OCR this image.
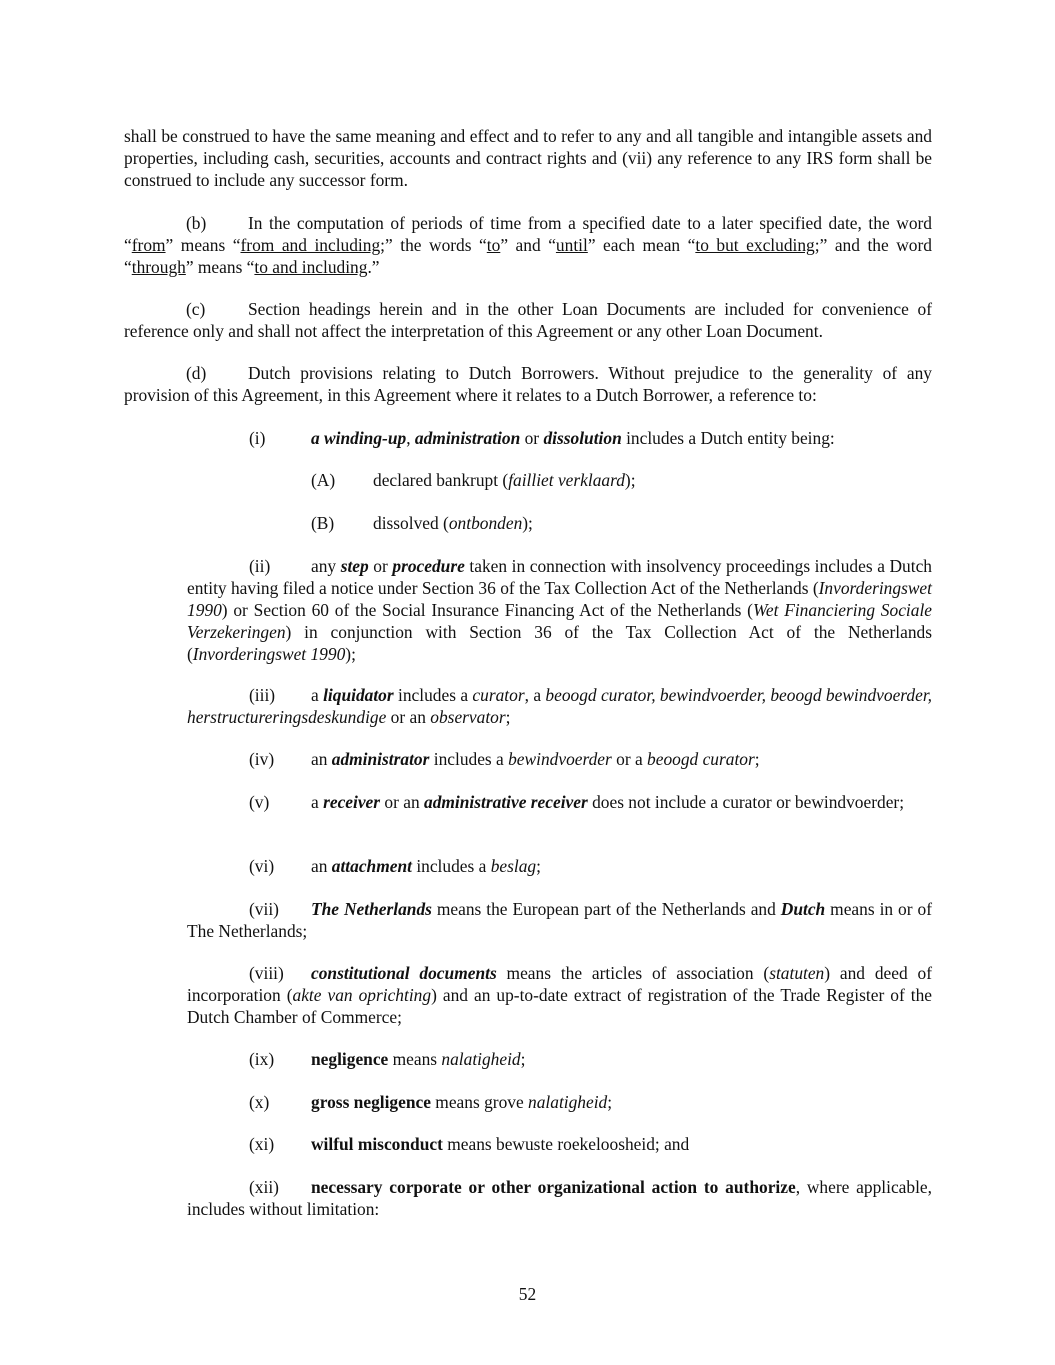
shall be construed to have the same meaning and effect and to refer to any and all tangible and intangible assets and properties, including cash, securities, accounts and contract rights and (vii) any reference to any IRS form shall be construed to include any successor form.

(b) In the computation of periods of time from a specified date to a later specified date, the word “from” means “from and including;” the words “to” and “until” each mean “to but excluding;” and the word “through” means “to and including.”

(c) Section headings herein and in the other Loan Documents are included for convenience of reference only and shall not affect the interpretation of this Agreement or any other Loan Document.

(d) Dutch provisions relating to Dutch Borrowers. Without prejudice to the generality of any provision of this Agreement, in this Agreement where it relates to a Dutch Borrower, a reference to:

(i)	a winding-up, administration or dissolution includes a Dutch entity being:

(A) declared bankrupt (failliet verklaard);

(B) dissolved (ontbonden);

(ii) any step or procedure taken in connection with insolvency proceedings includes a Dutch entity having filed a notice under Section 36 of the Tax Collection Act of the Netherlands (Invorderingswet 1990) or Section 60 of the Social Insurance Financing Act of the Netherlands (Wet Financiering Sociale Verzekeringen) in conjunction with Section 36 of the Tax Collection Act of the Netherlands (Invorderingswet 1990);

(iii) a liquidator includes a curator, a beoogd curator, bewindvoerder, beoogd bewindvoerder, herstructureringsdeskundige or an observator;

(iv) an administrator includes a bewindvoerder or a beoogd curator;

(v) a receiver or an administrative receiver does not include a curator or bewindvoerder;

(vi) an attachment includes a beslag;

(vii) The Netherlands means the European part of the Netherlands and Dutch means in or of The Netherlands;

(viii) constitutional documents means the articles of association (statuten) and deed of incorporation (akte van oprichting) and an up-to-date extract of registration of the Trade Register of the Dutch Chamber of Commerce;

(ix) negligence means nalatigheid;

(x) gross negligence means grove nalatigheid;

(xi) wilful misconduct means bewuste roekeloosheid; and

(xii) necessary corporate or other organizational action to authorize, where applicable, includes without limitation:

52
